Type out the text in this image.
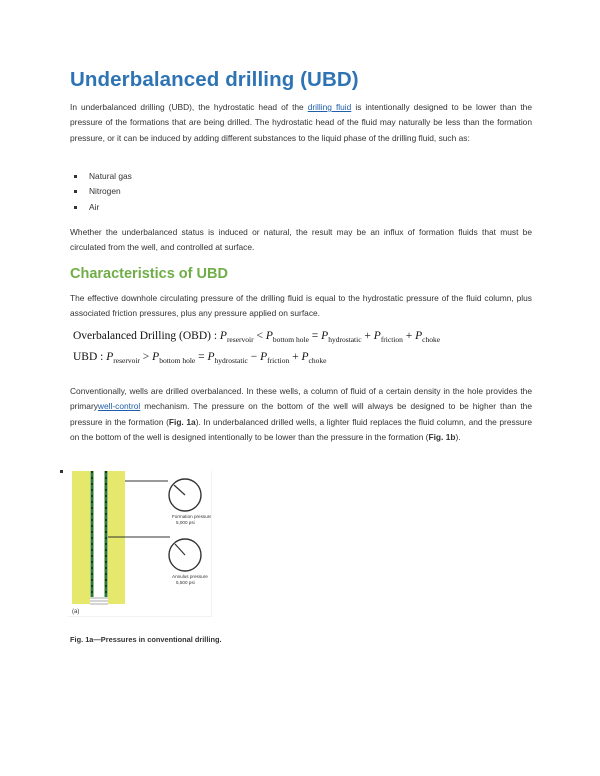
Underbalanced drilling (UBD)

In underbalanced drilling (UBD), the hydrostatic head of the drilling fluid is intentionally designed to be lower than the pressure of the formations that are being drilled. The hydrostatic head of the fluid may naturally be less than the formation pressure, or it can be induced by adding different substances to the liquid phase of the drilling fluid, such as:

Natural gas
Nitrogen
Air

Whether the underbalanced status is induced or natural, the result may be an influx of formation fluids that must be circulated from the well, and controlled at surface.

Characteristics of UBD

The effective downhole circulating pressure of the drilling fluid is equal to the hydrostatic pressure of the fluid column, plus associated friction pressures, plus any pressure applied on surface.

Overbalanced Drilling (OBD) : $P_{reservoir} < P_{bottom hole} = P_{hydrostatic} + P_{friction} + P_{choke}$
UBD : $P_{reservoir} > P_{bottom hole} = P_{hydrostatic} - P_{friction} + P_{choke}$

Conventionally, wells are drilled overbalanced. In these wells, a column of fluid of a certain density in the hole provides the primarywell-control mechanism. The pressure on the bottom of the well will always be designed to be higher than the pressure in the formation (Fig. 1a). In underbalanced drilled wells, a lighter fluid replaces the fluid column, and the pressure on the bottom of the well is designed intentionally to be lower than the pressure in the formation (Fig. 1b).

Formation pressure
5,000 psi
Annulus pressure
5,500 psi
(a)
Fig. 1a—Pressures in conventional drilling.
